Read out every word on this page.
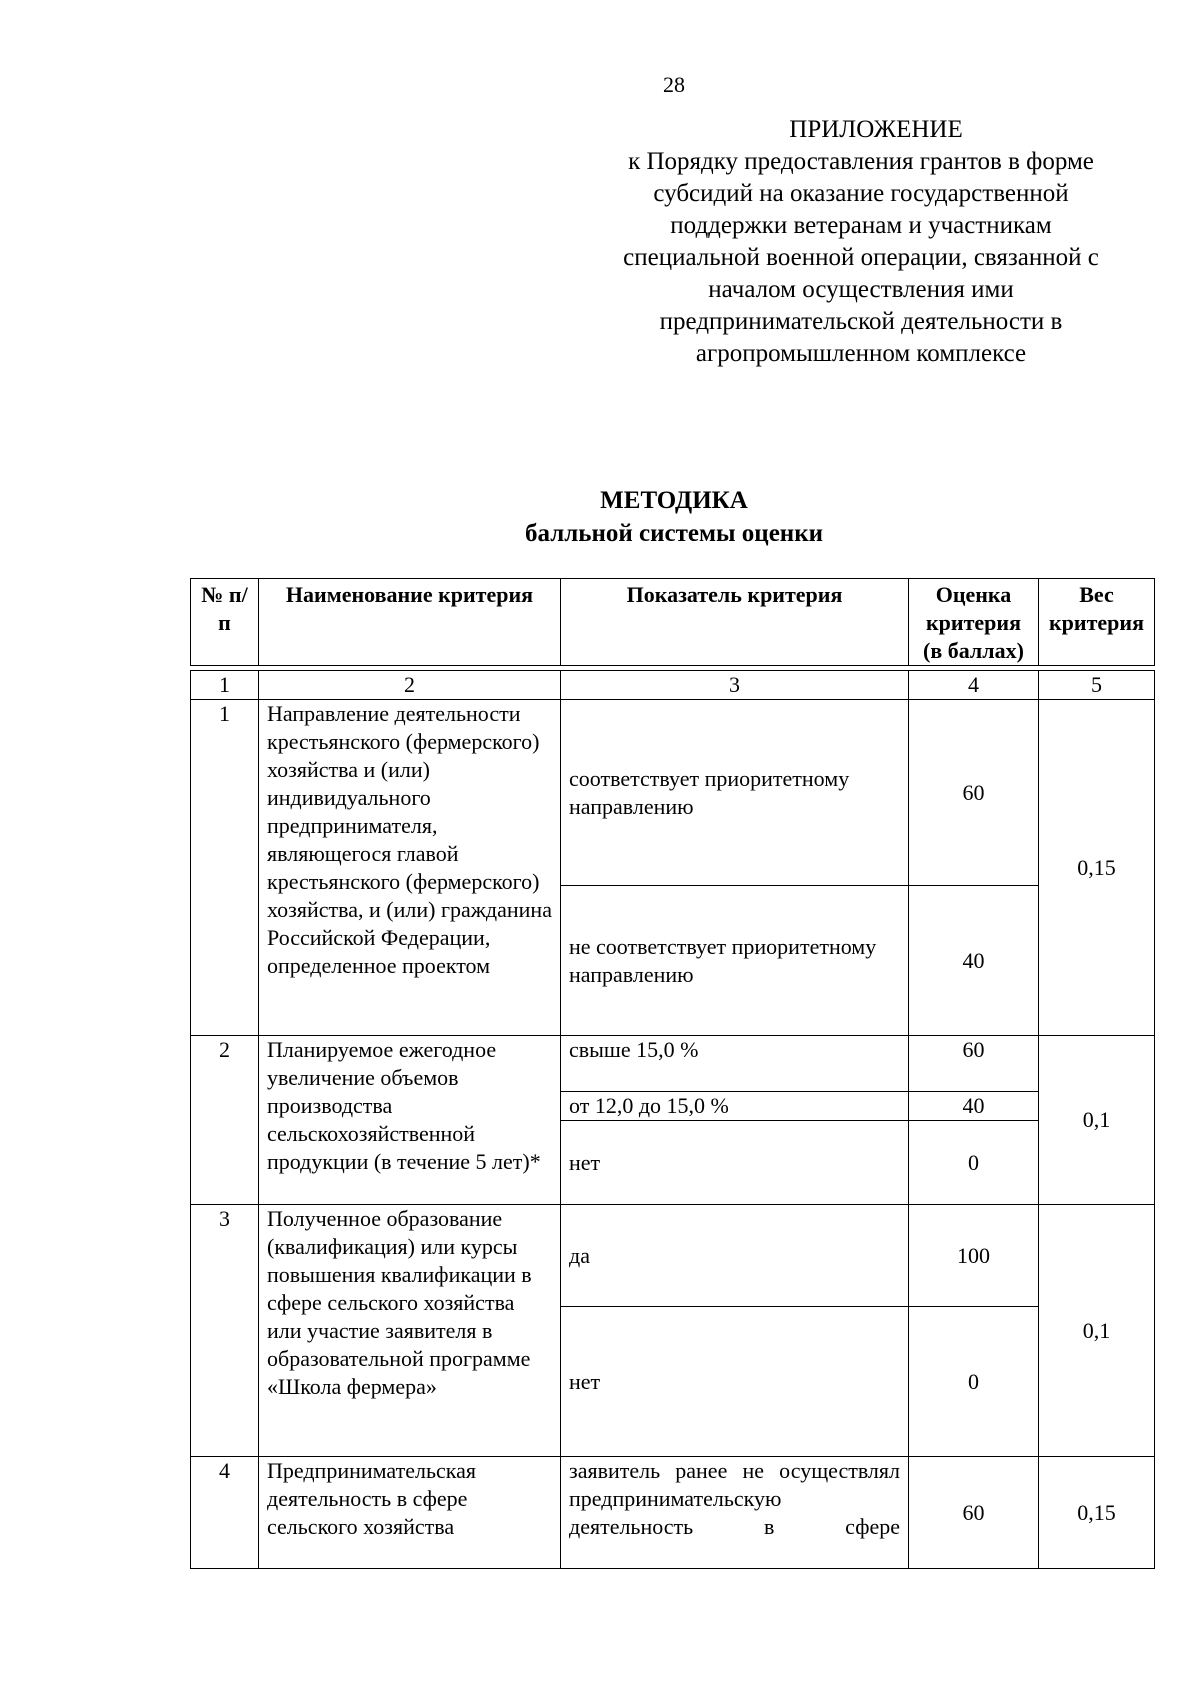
28
ПРИЛОЖЕНИЕ
к Порядку предоставления грантов в форме субсидий на оказание государственной поддержки ветеранам и участникам специальной военной операции, связанной с началом осуществления ими предпринимательской деятельности в агропромышленном комплексе
МЕТОДИКА
балльной системы оценки
№ п/п	Наименование критерия	Показатель критерия	Оценка критерия (в баллах)	Вес критерия

1	2	3	4	5
1	Направление деятельности крестьянского (фермерского) хозяйства и (или) индивидуального предпринимателя, являющегося главой крестьянского (фермерского) хозяйства, и (или) гражданина Российской Федерации, определенное проектом	соответствует приоритетному направлению	60	0,15
		не соответствует приоритетному направлению	40	
2	Планируемое ежегодное увеличение объемов производства сельскохозяйственной продукции (в течение 5 лет)*	свыше 15,0 %	60	0,1
		от 12,0 до 15,0 %	40	
		нет	0	
3	Полученное образование (квалификация) или курсы повышения квалификации в сфере сельского хозяйства или участие заявителя в образовательной программе «Школа фермера»	да	100	0,1
		нет	0	
4	Предпринимательская деятельность в сфере сельского хозяйства	заявитель ранее не осуществлял предпринимательскую деятельность в сфере	60	0,15
